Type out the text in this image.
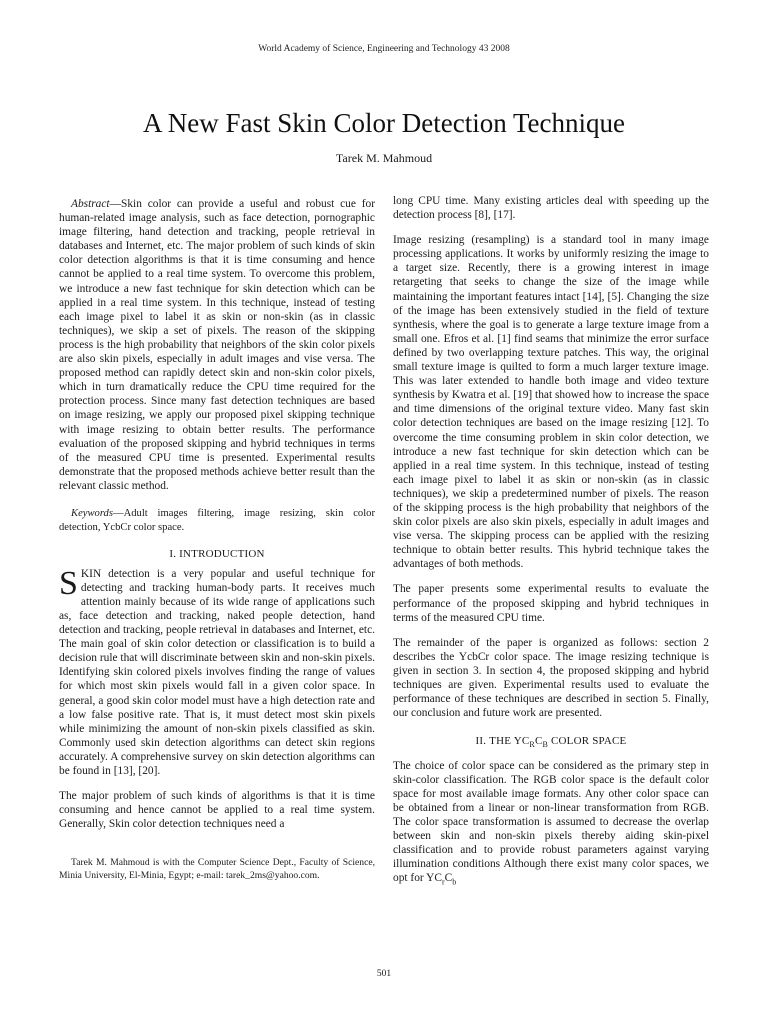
World Academy of Science, Engineering and Technology 43 2008
A New Fast Skin Color Detection Technique
Tarek M. Mahmoud

Abstract—Skin color can provide a useful and robust cue for human-related image analysis, such as face detection, pornographic image filtering, hand detection and tracking, people retrieval in databases and Internet, etc. The major problem of such kinds of skin color detection algorithms is that it is time consuming and hence cannot be applied to a real time system. To overcome this problem, we introduce a new fast technique for skin detection which can be applied in a real time system. In this technique, instead of testing each image pixel to label it as skin or non-skin (as in classic techniques), we skip a set of pixels. The reason of the skipping process is the high probability that neighbors of the skin color pixels are also skin pixels, especially in adult images and vise versa. The proposed method can rapidly detect skin and non-skin color pixels, which in turn dramatically reduce the CPU time required for the protection process. Since many fast detection techniques are based on image resizing, we apply our proposed pixel skipping technique with image resizing to obtain better results. The performance evaluation of the proposed skipping and hybrid techniques in terms of the measured CPU time is presented. Experimental results demonstrate that the proposed methods achieve better result than the relevant classic method.

Keywords—Adult images filtering, image resizing, skin color detection, YcbCr color space.

I. INTRODUCTION

SKIN detection is a very popular and useful technique for detecting and tracking human-body parts. It receives much attention mainly because of its wide range of applications such as, face detection and tracking, naked people detection, hand detection and tracking, people retrieval in databases and Internet, etc. The main goal of skin color detection or classification is to build a decision rule that will discriminate between skin and non-skin pixels. Identifying skin colored pixels involves finding the range of values for which most skin pixels would fall in a given color space. In general, a good skin color model must have a high detection rate and a low false positive rate. That is, it must detect most skin pixels while minimizing the amount of non-skin pixels classified as skin. Commonly used skin detection algorithms can detect skin regions accurately. A comprehensive survey on skin detection algorithms can be found in [13], [20].

The major problem of such kinds of algorithms is that it is time consuming and hence cannot be applied to a real time system. Generally, Skin color detection techniques need a

Tarek M. Mahmoud is with the Computer Science Dept., Faculty of Science, Minia University, El-Minia, Egypt; e-mail: tarek_2ms@yahoo.com.

long CPU time. Many existing articles deal with speeding up the detection process [8], [17].

Image resizing (resampling) is a standard tool in many image processing applications. It works by uniformly resizing the image to a target size. Recently, there is a growing interest in image retargeting that seeks to change the size of the image while maintaining the important features intact [14], [5]. Changing the size of the image has been extensively studied in the field of texture synthesis, where the goal is to generate a large texture image from a small one. Efros et al. [1] find seams that minimize the error surface defined by two overlapping texture patches. This way, the original small texture image is quilted to form a much larger texture image. This was later extended to handle both image and video texture synthesis by Kwatra et al. [19] that showed how to increase the space and time dimensions of the original texture video. Many fast skin color detection techniques are based on the image resizing [12]. To overcome the time consuming problem in skin color detection, we introduce a new fast technique for skin detection which can be applied in a real time system. In this technique, instead of testing each image pixel to label it as skin or non-skin (as in classic techniques), we skip a predetermined number of pixels. The reason of the skipping process is the high probability that neighbors of the skin color pixels are also skin pixels, especially in adult images and vise versa. The skipping process can be applied with the resizing technique to obtain better results. This hybrid technique takes the advantages of both methods.

The paper presents some experimental results to evaluate the performance of the proposed skipping and hybrid techniques in terms of the measured CPU time.

The remainder of the paper is organized as follows: section 2 describes the YcbCr color space. The image resizing technique is given in section 3. In section 4, the proposed skipping and hybrid techniques are given. Experimental results used to evaluate the performance of these techniques are described in section 5. Finally, our conclusion and future work are presented.

II. THE $YC_RC_B$ COLOR SPACE

The choice of color space can be considered as the primary step in skin-color classification. The RGB color space is the default color space for most available image formats. Any other color space can be obtained from a linear or non-linear transformation from RGB. The color space transformation is assumed to decrease the overlap between skin and non-skin pixels thereby aiding skin-pixel classification and to provide robust parameters against varying illumination conditions Although there exist many color spaces, we opt for $YC_rC_b$

501
